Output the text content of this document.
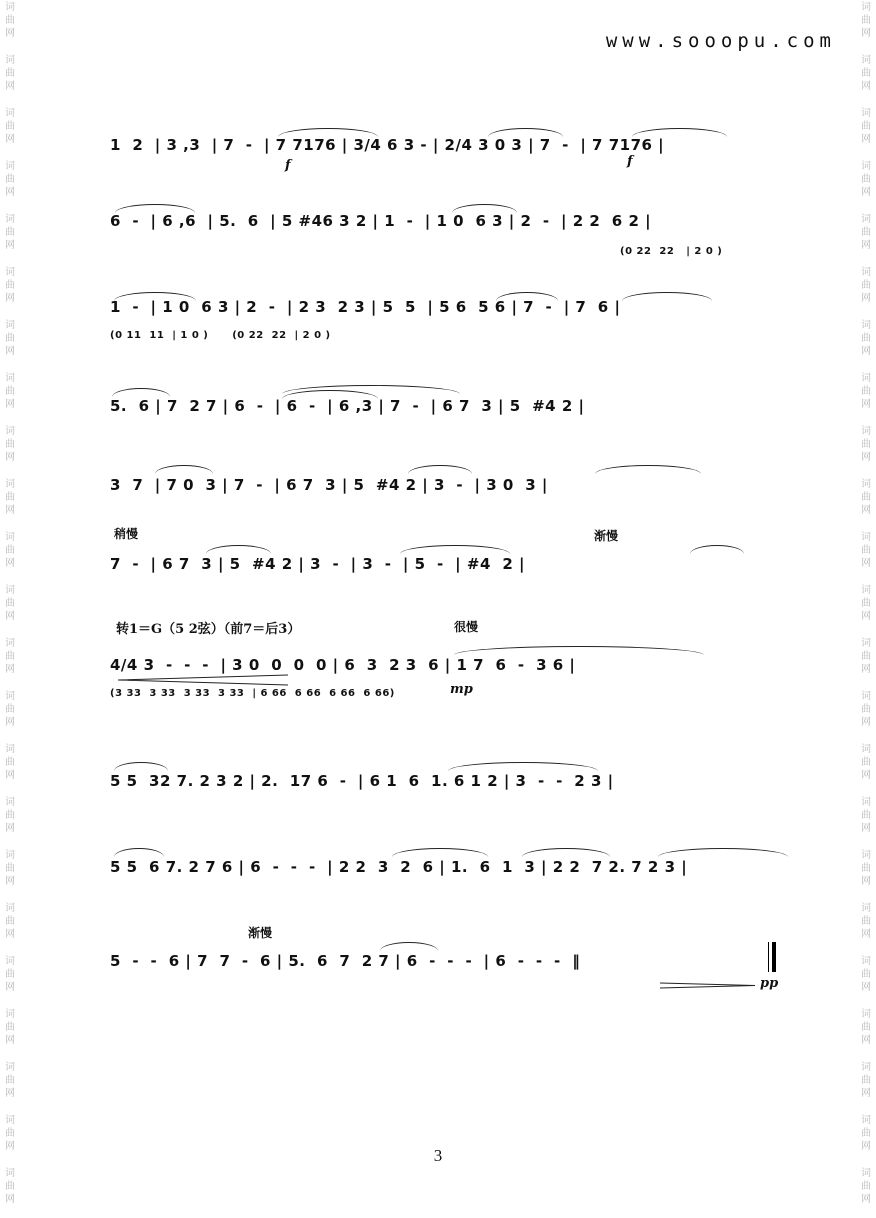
词
曲
网
词
曲
网
词
曲
网
词
曲
网
词
曲
网
词
曲
网
词
曲
网
词
曲
网
词
曲
网
词
曲
网
词
曲
网
词
曲
网
词
曲
网
词
曲
网
词
曲
网
词
曲
网
词
曲
网
词
曲
网
词
曲
网
词
曲
网
词
曲
网
词
曲
网
词
曲
网
词
曲
网
词
曲
网
词
曲
网
词
曲
网
词
曲
网
词
曲
网
词
曲
网
词
曲
网
词
曲
网
词
曲
网
词
曲
网
词
曲
网
词
曲
网
词
曲
网
词
曲
网
词
曲
网
词
曲
网
词
曲
网
词
曲
网
词
曲
网
词
曲
网
词
曲
网
词
曲
网
www.sooopu.com
1  2  | 3 ,3  | 7  -  | 7 7176 | 3/4 6 3 - | 2/4 3 0 3 | 7  -  | 7 7176 |
f	f
6  -  | 6 ,6  | 5.  6  | 5 #46 3 2 | 1  -  | 1 0  6 3 | 2  -  | 2 2  6 2 |
(0 22  22   | 2 0 )
1  -  | 1 0  6 3 | 2  -  | 2 3  2 3 | 5  5  | 5 6  5 6 | 7  -  | 7  6 |
(0 11  11  | 1 0 )      (0 22  22  | 2 0 )
5.  6 | 7  2 7 | 6  -  | 6  -  | 6 ,3 | 7  -  | 6 7  3 | 5  #4 2 |
3  7  | 7 0  3 | 7  -  | 6 7  3 | 5  #4 2 | 3  -  | 3 0  3 |
稍慢	渐慢
7  -  | 6 7  3 | 5  #4 2 | 3  -  | 3  -  | 5  -  | #4  2 |
转1＝G（5 2弦）（前7＝后3）	很慢
4/4 3  -  -  -  | 3 0  0  0  0 | 6  3  2 3  6 | 1 7  6  -  3 6 |
(3 33  3 33  3 33  3 33  | 6 66  6 66  6 66  6 66)	mp
5 5  32 7. 2 3 2 | 2.  17 6  -  | 6 1  6  1. 6 1 2 | 3  -  -  2 3 |
5 5  6 7. 2 7 6 | 6  -  -  -  | 2 2  3  2  6 | 1.  6  1  3 | 2 2  7 2. 7 2 3 |
渐慢
5  -  -  6 | 7  7  -  6 | 5.  6  7  2 7 | 6  -  -  -  | 6  -  -  -  ‖
pp
3
